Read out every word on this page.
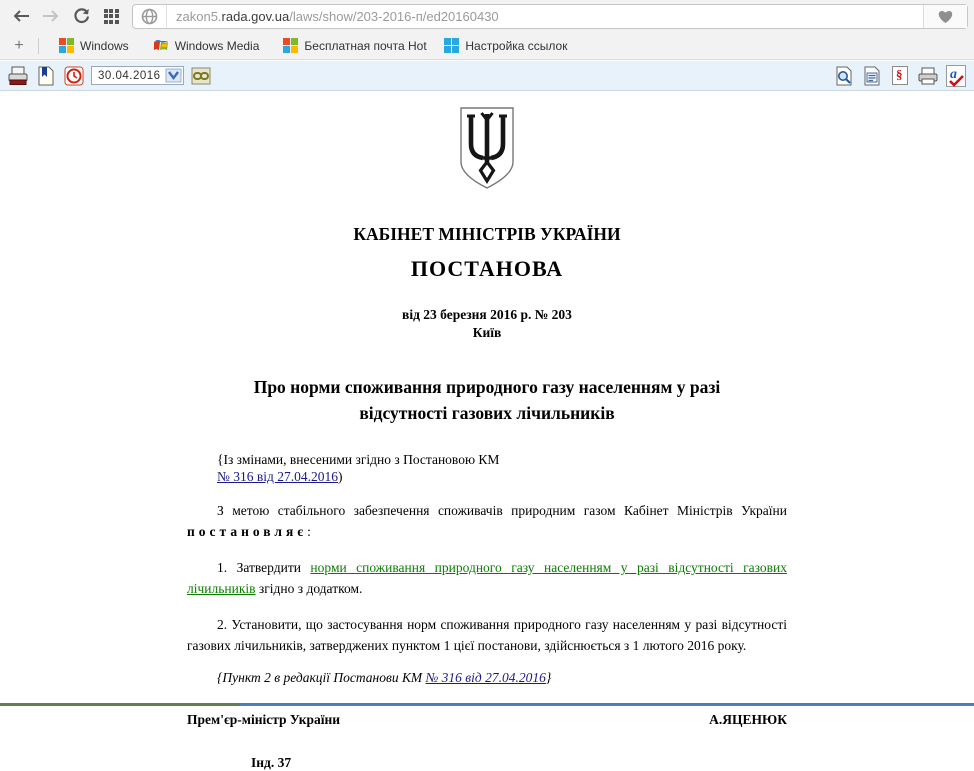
zakon5.rada.gov.ua/laws/show/203-2016-п/ed20160430
+	Windows	Windows Media	Бесплатная почта Hot	Настройка ссылок
30.04.2016	§	a
КАБІНЕТ МІНІСТРІВ УКРАЇНИ
ПОСТАНОВА
від 23 березня 2016 р. № 203
Київ
Про норми споживання природного газу населенням у разі
відсутності газових лічильників
{Із змінами, внесеними згідно з Постановою КМ
№ 316 від 27.04.2016)
З метою стабільного забезпечення споживачів природним газом Кабінет Міністрів України постановляє:
1. Затвердити норми споживання природного газу населенням у разі відсутності газових лічильників згідно з додатком.
2. Установити, що застосування норм споживання природного газу населенням у разі відсутності газових лічильників, затверджених пунктом 1 цієї постанови, здійснюється з 1 лютого 2016 року.
{Пункт 2 в редакції Постанови КМ № 316 від 27.04.2016}
Прем'єр-міністр України	А.ЯЦЕНЮК
Інд. 37
